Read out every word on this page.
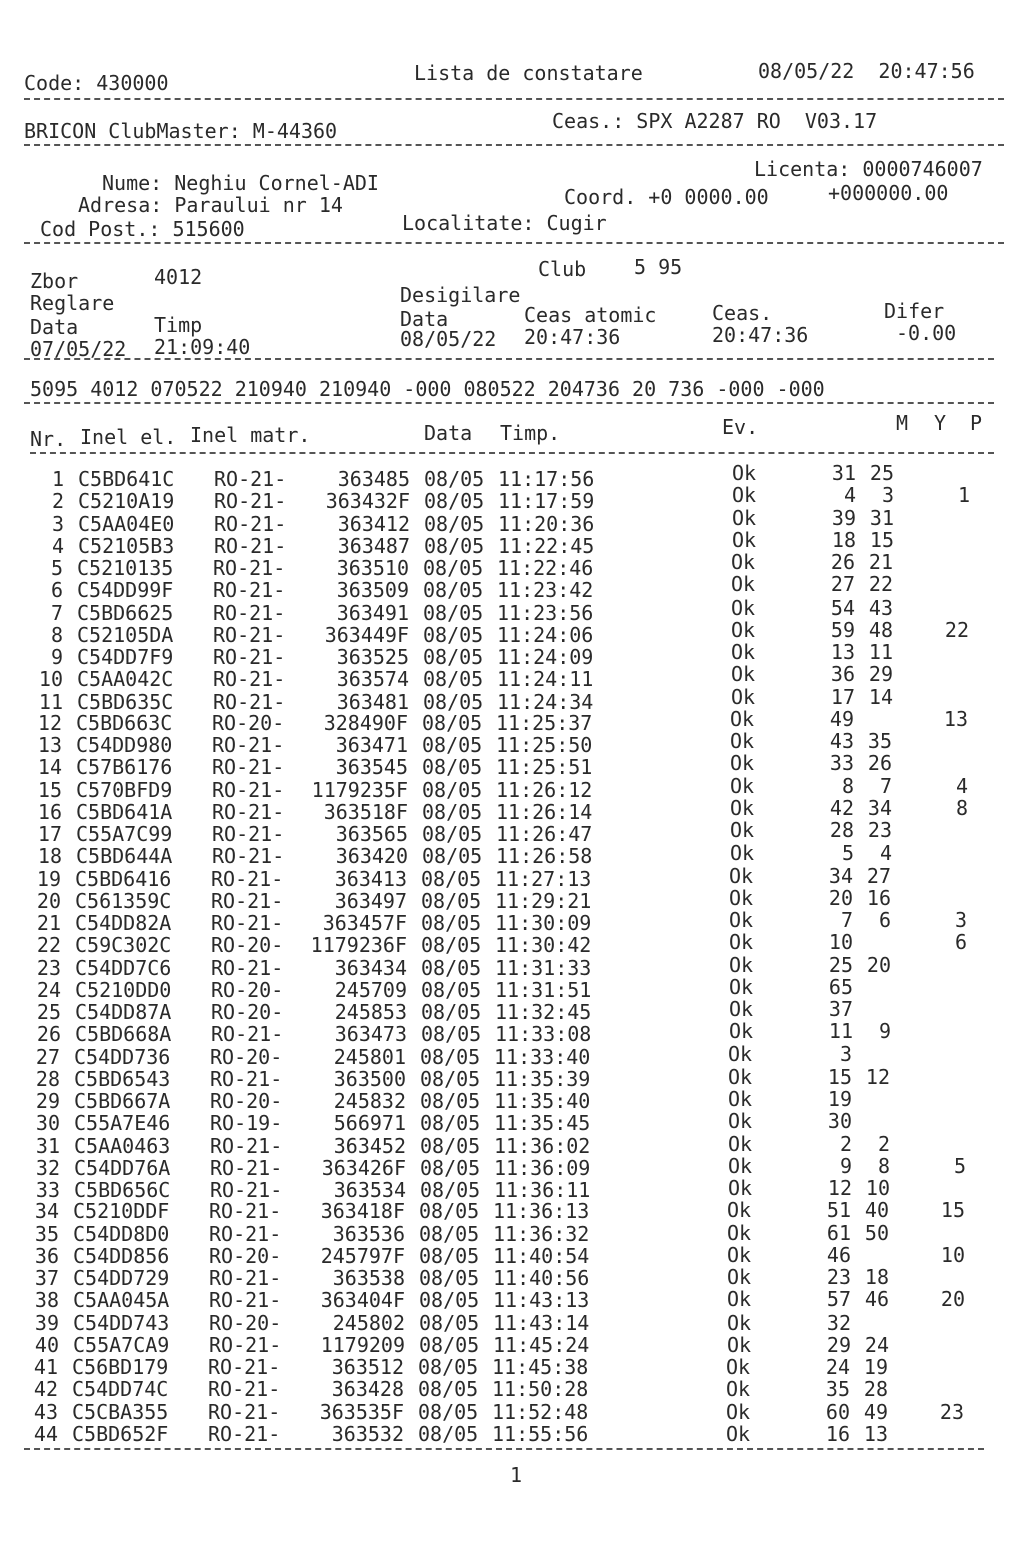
Code: 430000	Lista de constatare	08/05/22  20:47:56
BRICON ClubMaster: M-44360	Ceas.: SPX A2287 RO  V03.17
Licenta: 0000746007
Nume: Neghiu Cornel-ADI
Coord. +0 0000.00	+000000.00
Adresa: Paraului nr 14
Cod Post.: 515600	Localitate: Cugir
Zbor	4012	Club 5 95
Reglare	Desigilare
Data	Timp	Data	Ceas atomic	Ceas.	Difer
07/05/22 21:09:40	08/05/22 20:47:36	20:47:36	-0.00
5095 4012 070522 210940 210940 -000 080522 204736 20 736 -000 -000
Nr. Inel el. Inel matr.	Data Timp.	Ev.	M Y P
1 C5BD641C RO-21-	363485 08/05 11:17:56	Ok	31 25
2 C5210A19 RO-21- 363432F 08/05 11:17:59	Ok	4 3	1
3 C5AA04E0 RO-21-	363412 08/05 11:20:36	Ok	39 31
4 C52105B3 RO-21-	363487 08/05 11:22:45	Ok	18 15
5 C5210135 RO-21-	363510 08/05 11:22:46	Ok	26 21
6 C54DD99F RO-21-	363509 08/05 11:23:42	Ok	27 22
7 C5BD6625 RO-21-	363491 08/05 11:23:56	Ok	54 43
8 C52105DA RO-21- 363449F 08/05 11:24:06	Ok	59 48	22
9 C54DD7F9 RO-21-	363525 08/05 11:24:09	Ok	13 11
10 C5AA042C RO-21-	363574 08/05 11:24:11	Ok	36 29
11 C5BD635C RO-21-	363481 08/05 11:24:34	Ok	17 14
12 C5BD663C RO-20- 328490F 08/05 11:25:37	Ok	49	13
13 C54DD980 RO-21-	363471 08/05 11:25:50	Ok	43 35
14 C57B6176 RO-21-	363545 08/05 11:25:51	Ok	33 26
15 C570BFD9 RO-21- 1179235F 08/05 11:26:12	Ok	8 7	4
16 C5BD641A RO-21- 363518F 08/05 11:26:14	Ok	42 34	8
17 C55A7C99 RO-21-	363565 08/05 11:26:47	Ok	28 23
18 C5BD644A RO-21-	363420 08/05 11:26:58	Ok	5 4
19 C5BD6416 RO-21-	363413 08/05 11:27:13	Ok	34 27
20 C561359C RO-21-	363497 08/05 11:29:21	Ok	20 16
21 C54DD82A RO-21- 363457F 08/05 11:30:09	Ok	7 6	3
22 C59C302C RO-20- 1179236F 08/05 11:30:42	Ok	10	6
23 C54DD7C6 RO-21-	363434 08/05 11:31:33	Ok	25 20
24 C5210DD0 RO-20-	245709 08/05 11:31:51	Ok	65
25 C54DD87A RO-20-	245853 08/05 11:32:45	Ok	37
26 C5BD668A RO-21-	363473 08/05 11:33:08	Ok	11 9
27 C54DD736 RO-20-	245801 08/05 11:33:40	Ok	3
28 C5BD6543 RO-21-	363500 08/05 11:35:39	Ok	15 12
29 C5BD667A RO-20-	245832 08/05 11:35:40	Ok	19
30 C55A7E46 RO-19-	566971 08/05 11:35:45	Ok	30
31 C5AA0463 RO-21-	363452 08/05 11:36:02	Ok	2 2
32 C54DD76A RO-21- 363426F 08/05 11:36:09	Ok	9 8	5
33 C5BD656C RO-21-	363534 08/05 11:36:11	Ok	12 10
34 C5210DDF RO-21- 363418F 08/05 11:36:13	Ok	51 40	15
35 C54DD8D0 RO-21-	363536 08/05 11:36:32	Ok	61 50
36 C54DD856 RO-20- 245797F 08/05 11:40:54	Ok	46	10
37 C54DD729 RO-21-	363538 08/05 11:40:56	Ok	23 18
38 C5AA045A RO-21- 363404F 08/05 11:43:13	Ok	57 46	20
39 C54DD743 RO-20-	245802 08/05 11:43:14	Ok	32
40 C55A7CA9 RO-21- 1179209 08/05 11:45:24	Ok	29 24
41 C56BD179 RO-21-	363512 08/05 11:45:38	Ok	24 19
42 C54DD74C RO-21-	363428 08/05 11:50:28	Ok	35 28
43 C5CBA355 RO-21- 363535F 08/05 11:52:48	Ok	60 49	23
44 C5BD652F RO-21-	363532 08/05 11:55:56	Ok	16 13
1
